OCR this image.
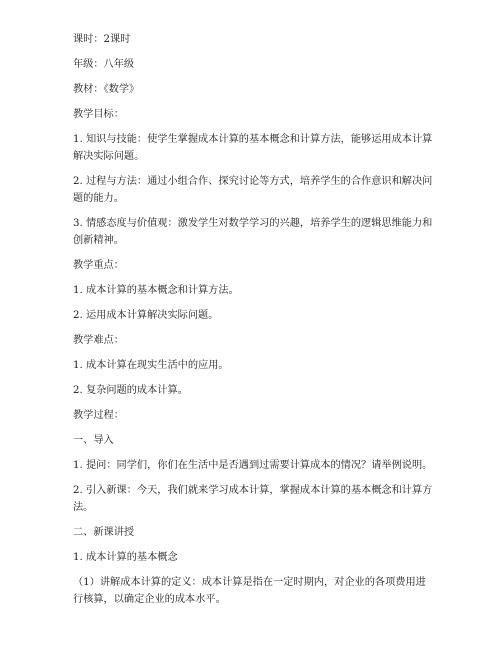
课时：2课时

年级：八年级

教材：《数学》

教学目标：

1. 知识与技能：使学生掌握成本计算的基本概念和计算方法，能够运用成本计算解决实际问题。

2. 过程与方法：通过小组合作、探究讨论等方式，培养学生的合作意识和解决问题的能力。

3. 情感态度与价值观：激发学生对数学学习的兴趣，培养学生的逻辑思维能力和创新精神。

教学重点：

1. 成本计算的基本概念和计算方法。

2. 运用成本计算解决实际问题。

教学难点：

1. 成本计算在现实生活中的应用。

2. 复杂问题的成本计算。

教学过程：

一、导入

1. 提问：同学们，你们在生活中是否遇到过需要计算成本的情况？请举例说明。

2. 引入新课：今天，我们就来学习成本计算，掌握成本计算的基本概念和计算方法。

二、新课讲授

1. 成本计算的基本概念

（1）讲解成本计算的定义：成本计算是指在一定时期内，对企业的各项费用进行核算，以确定企业的成本水平。
